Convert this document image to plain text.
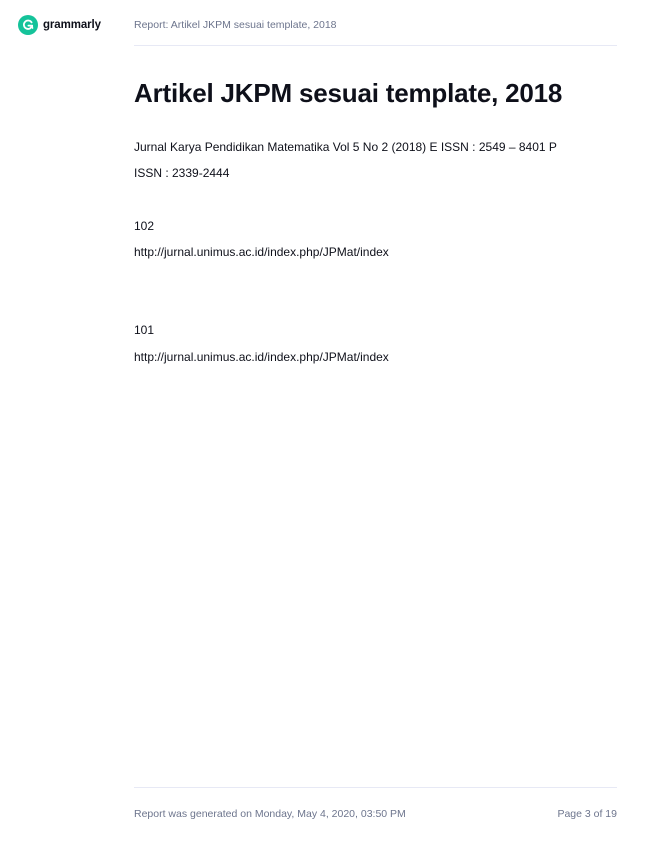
grammarly	Report: Artikel JKPM sesuai template, 2018
Artikel JKPM sesuai template, 2018
Jurnal Karya Pendidikan Matematika Vol 5 No 2 (2018) E ISSN : 2549 – 8401 P
ISSN : 2339-2444
102
http://jurnal.unimus.ac.id/index.php/JPMat/index
101
http://jurnal.unimus.ac.id/index.php/JPMat/index
Report was generated on Monday, May 4, 2020, 03:50 PM	Page 3 of 19
